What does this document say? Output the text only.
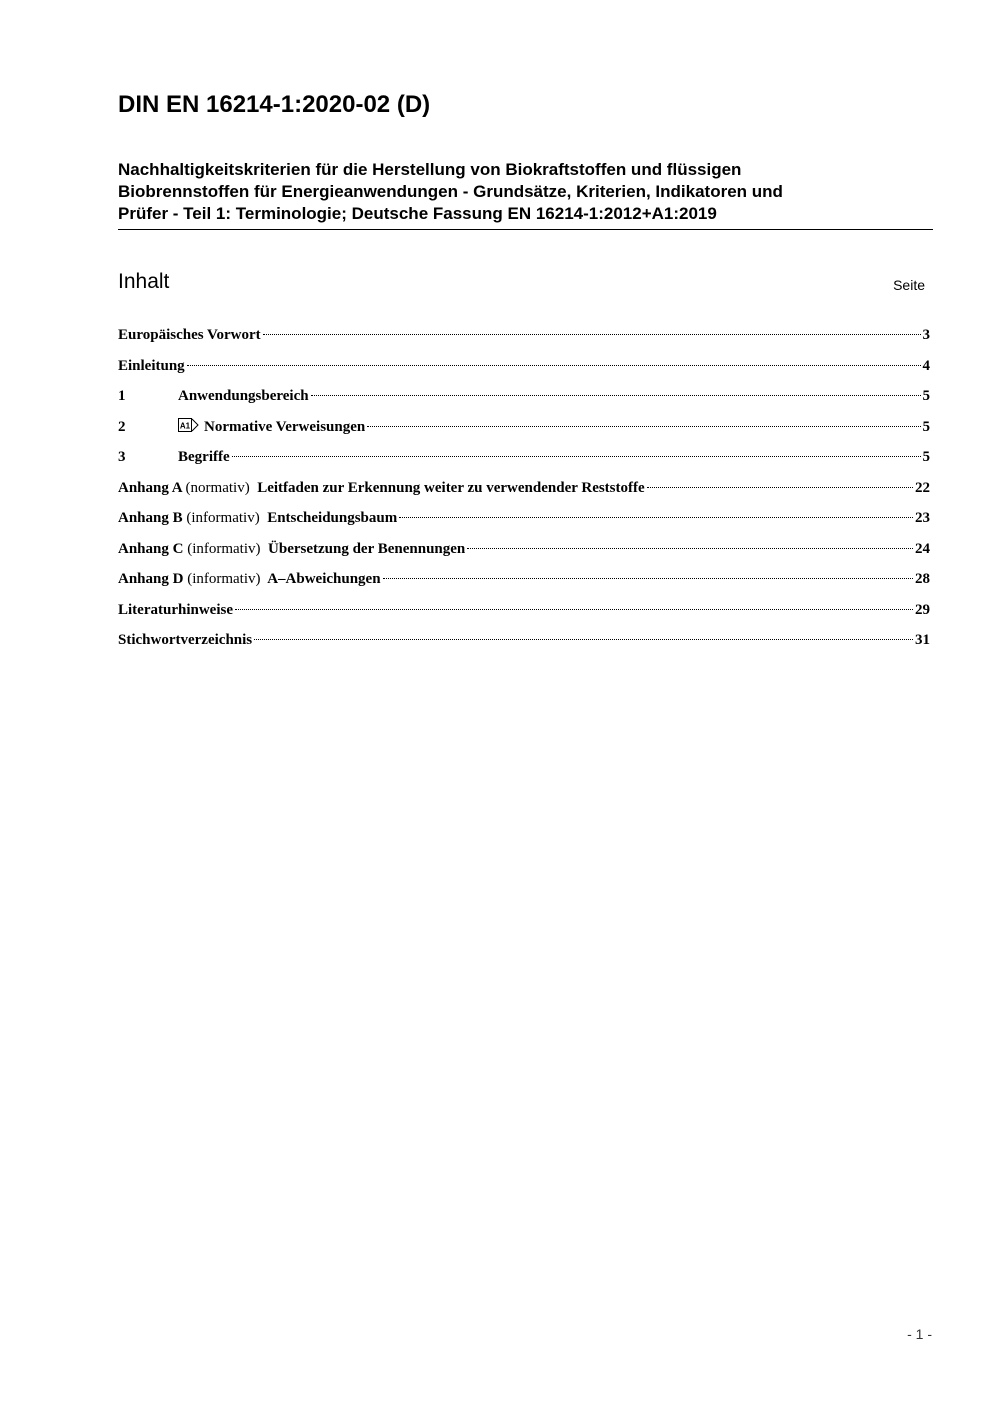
DIN EN 16214-1:2020-02 (D)
Nachhaltigkeitskriterien für die Herstellung von Biokraftstoffen und flüssigen
Biobrennstoffen für Energieanwendungen - Grundsätze, Kriterien, Indikatoren und
Prüfer - Teil 1: Terminologie; Deutsche Fassung EN 16214-1:2012+A1:2019
Inhalt	Seite
Europäisches Vorwort	3
Einleitung	4
1	Anwendungsbereich	5
2	A1 Normative Verweisungen	5
3	Begriffe	5
Anhang A (normativ) Leitfaden zur Erkennung weiter zu verwendender Reststoffe	22
Anhang B (informativ) Entscheidungsbaum	23
Anhang C (informativ) Übersetzung der Benennungen	24
Anhang D (informativ) A–Abweichungen	28
Literaturhinweise	29
Stichwortverzeichnis	31
- 1 -
